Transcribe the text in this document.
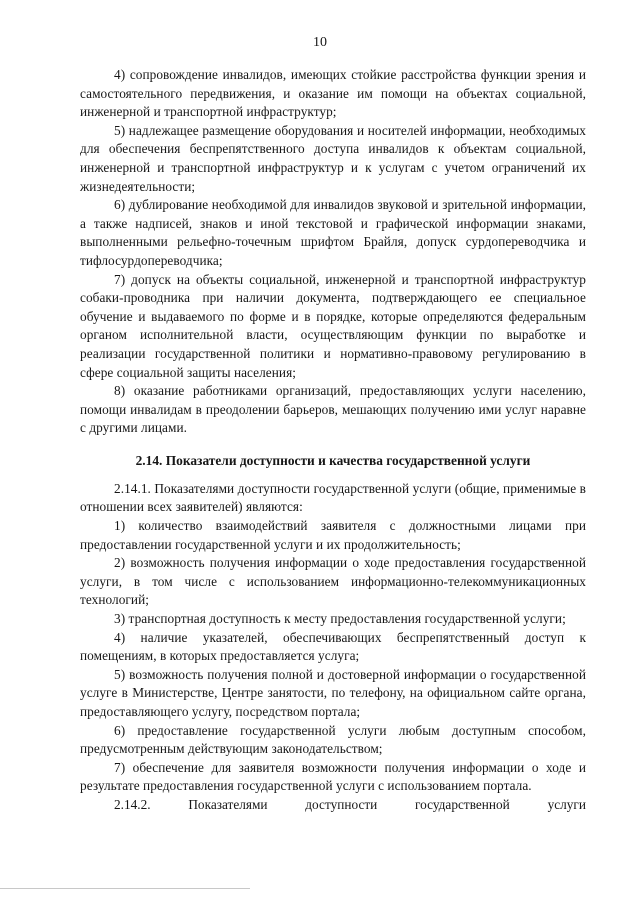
10

4) сопровождение инвалидов, имеющих стойкие расстройства функции зрения и самостоятельного передвижения, и оказание им помощи на объектах социальной, инженерной и транспортной инфраструктур;

5) надлежащее размещение оборудования и носителей информации, необходимых для обеспечения беспрепятственного доступа инвалидов к объектам социальной, инженерной и транспортной инфраструктур и к услугам с учетом ограничений их жизнедеятельности;

6) дублирование необходимой для инвалидов звуковой и зрительной информации, а также надписей, знаков и иной текстовой и графической информации знаками, выполненными рельефно-точечным шрифтом Брайля, допуск сурдопереводчика и тифлосурдопереводчика;

7) допуск на объекты социальной, инженерной и транспортной инфраструктур собаки-проводника при наличии документа, подтверждающего ее специальное обучение и выдаваемого по форме и в порядке, которые определяются федеральным органом исполнительной власти, осуществляющим функции по выработке и реализации государственной политики и нормативно-правовому регулированию в сфере социальной защиты населения;

8) оказание работниками организаций, предоставляющих услуги населению, помощи инвалидам в преодолении барьеров, мешающих получению ими услуг наравне с другими лицами.

2.14. Показатели доступности и качества государственной услуги

2.14.1. Показателями доступности государственной услуги (общие, применимые в отношении всех заявителей) являются:

1) количество взаимодействий заявителя с должностными лицами при предоставлении государственной услуги и их продолжительность;

2) возможность получения информации о ходе предоставления государственной услуги, в том числе с использованием информационно-телекоммуникационных технологий;

3) транспортная доступность к месту предоставления государственной услуги;

4) наличие указателей, обеспечивающих беспрепятственный доступ к помещениям, в которых предоставляется услуга;

5) возможность получения полной и достоверной информации о государственной услуге в Министерстве, Центре занятости, по телефону, на официальном сайте органа, предоставляющего услугу, посредством портала;

6) предоставление государственной услуги любым доступным способом, предусмотренным действующим законодательством;

7) обеспечение для заявителя возможности получения информации о ходе и результате предоставления государственной услуги с использованием портала.

2.14.2.	Показателями	доступности	государственной	услуги
